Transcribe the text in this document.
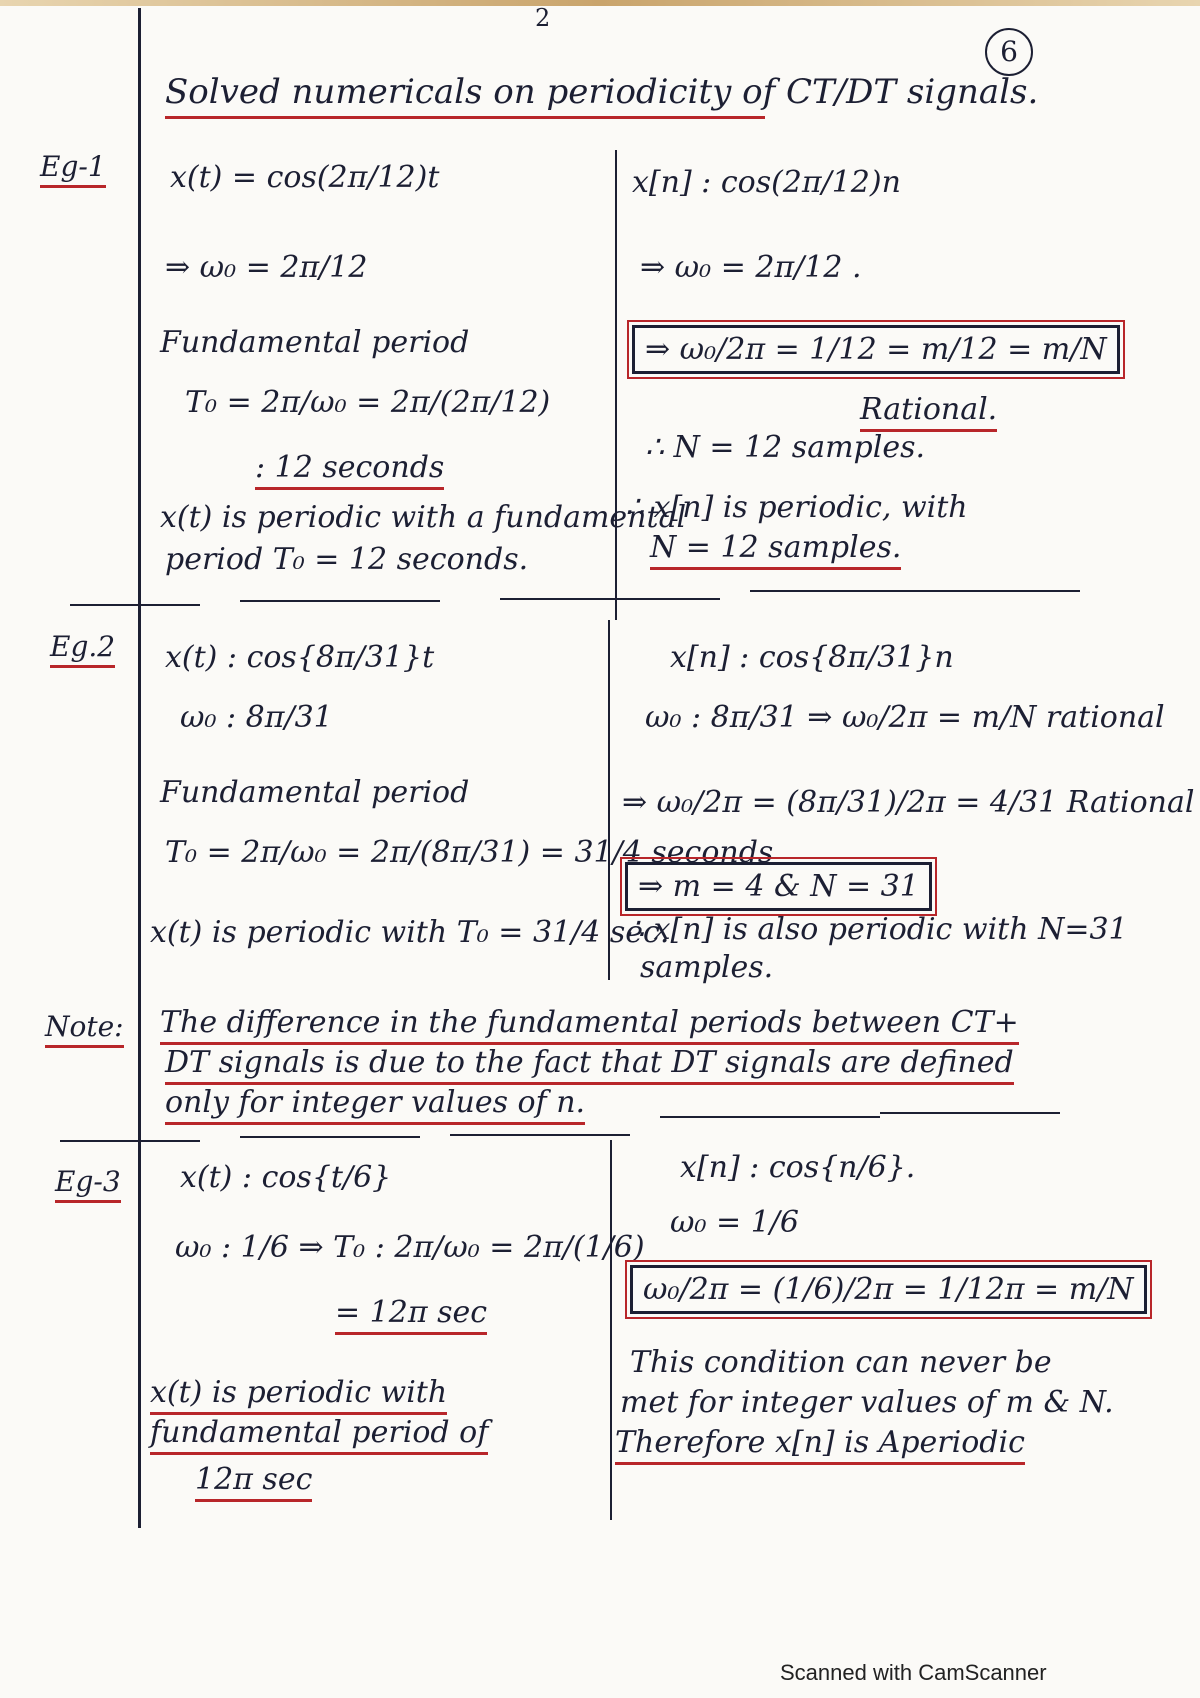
2
6
Solved numericals on periodicity of CT/DT signals.
Eg-1 x(t) = cos(2π/12)t
⇒ ω₀ = 2π/12
Fundamental period
T₀ = 2π/ω₀ = 2π/(2π/12)
: 12 seconds
x(t) is periodic with a fundamental
period T₀ = 12 seconds.
x[n] : cos(2π/12)n
⇒ ω₀ = 2π/12 .
⇒ ω₀/2π = 1/12 = m/12 = m/N
Rational.
∴ N = 12 samples.
∴ x[n] is periodic, with
N = 12 samples.
Eg.2 x(t) : cos{8π/31}t
ω₀ : 8π/31
Fundamental period
T₀ = 2π/ω₀ = 2π/(8π/31) = 31/4 seconds
x(t) is periodic with T₀ = 31/4 sec.
x[n] : cos{8π/31}n
ω₀ : 8π/31 ⇒ ω₀/2π = m/N rational
⇒ ω₀/2π = (8π/31)/2π = 4/31 Rational
⇒ m = 4 & N = 31
∴ x[n] is also periodic with N=31
samples.
Note: The difference in the fundamental periods between CT+
DT signals is due to the fact that DT signals are defined
only for integer values of n.
Eg-3 x(t) : cos{t/6}
ω₀ : 1/6 ⇒ T₀ : 2π/ω₀ = 2π/(1/6)
= 12π sec
x(t) is periodic with
fundamental period of
12π sec
x[n] : cos{n/6}.
ω₀ = 1/6
ω₀/2π = (1/6)/2π = 1/12π = m/N
This condition can never be
met for integer values of m & N.
Therefore x[n] is Aperiodic
Scanned with CamScanner
